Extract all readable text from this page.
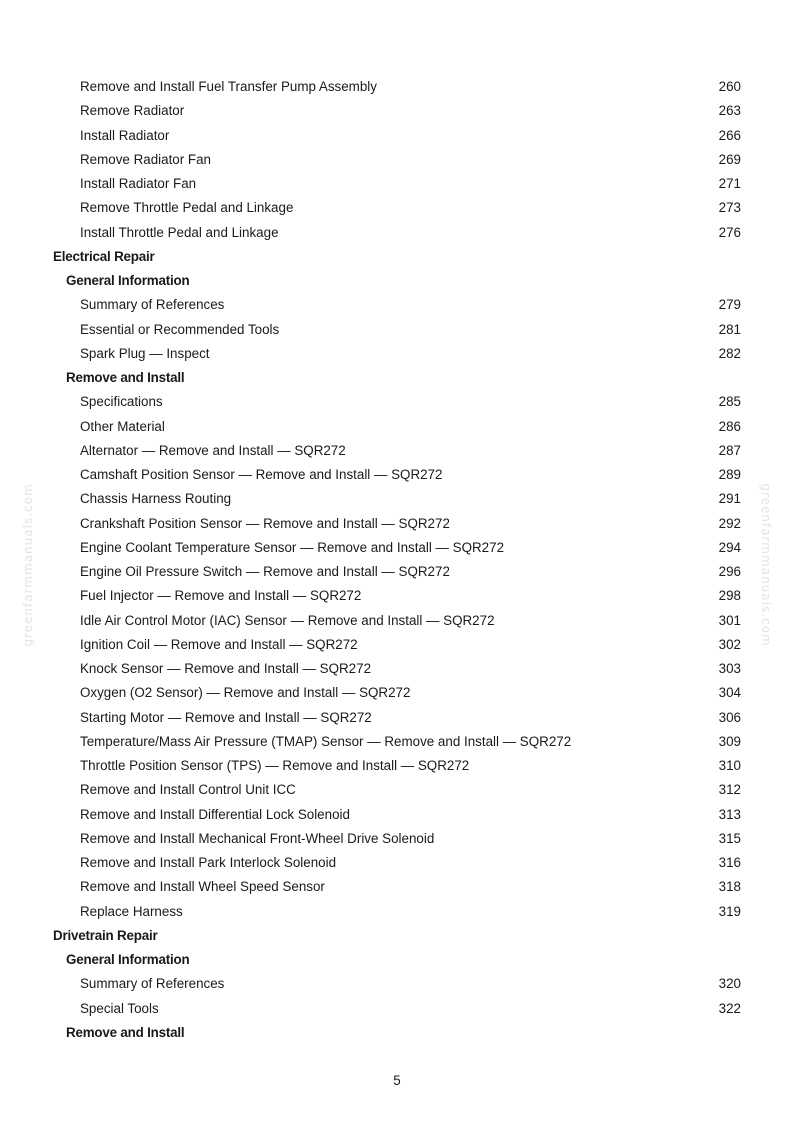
greenfarmmanuals.com	greenfarmmanuals.com
Remove and Install Fuel Transfer Pump Assembly	260
Remove Radiator	263
Install Radiator	266
Remove Radiator Fan	269
Install Radiator Fan	271
Remove Throttle Pedal and Linkage	273
Install Throttle Pedal and Linkage	276
Electrical Repair
General Information
Summary of References	279
Essential or Recommended Tools	281
Spark Plug — Inspect	282
Remove and Install
Specifications	285
Other Material	286
Alternator — Remove and Install — SQR272	287
Camshaft Position Sensor — Remove and Install — SQR272	289
Chassis Harness Routing	291
Crankshaft Position Sensor — Remove and Install — SQR272	292
Engine Coolant Temperature Sensor — Remove and Install — SQR272	294
Engine Oil Pressure Switch — Remove and Install — SQR272	296
Fuel Injector — Remove and Install — SQR272	298
Idle Air Control Motor (IAC) Sensor — Remove and Install — SQR272	301
Ignition Coil — Remove and Install — SQR272	302
Knock Sensor — Remove and Install — SQR272	303
Oxygen (O2 Sensor) — Remove and Install — SQR272	304
Starting Motor — Remove and Install — SQR272	306
Temperature/Mass Air Pressure (TMAP) Sensor — Remove and Install — SQR272	309
Throttle Position Sensor (TPS) — Remove and Install — SQR272	310
Remove and Install Control Unit ICC	312
Remove and Install Differential Lock Solenoid	313
Remove and Install Mechanical Front-Wheel Drive Solenoid	315
Remove and Install Park Interlock Solenoid	316
Remove and Install Wheel Speed Sensor	318
Replace Harness	319
Drivetrain Repair
General Information
Summary of References	320
Special Tools	322
Remove and Install
5
